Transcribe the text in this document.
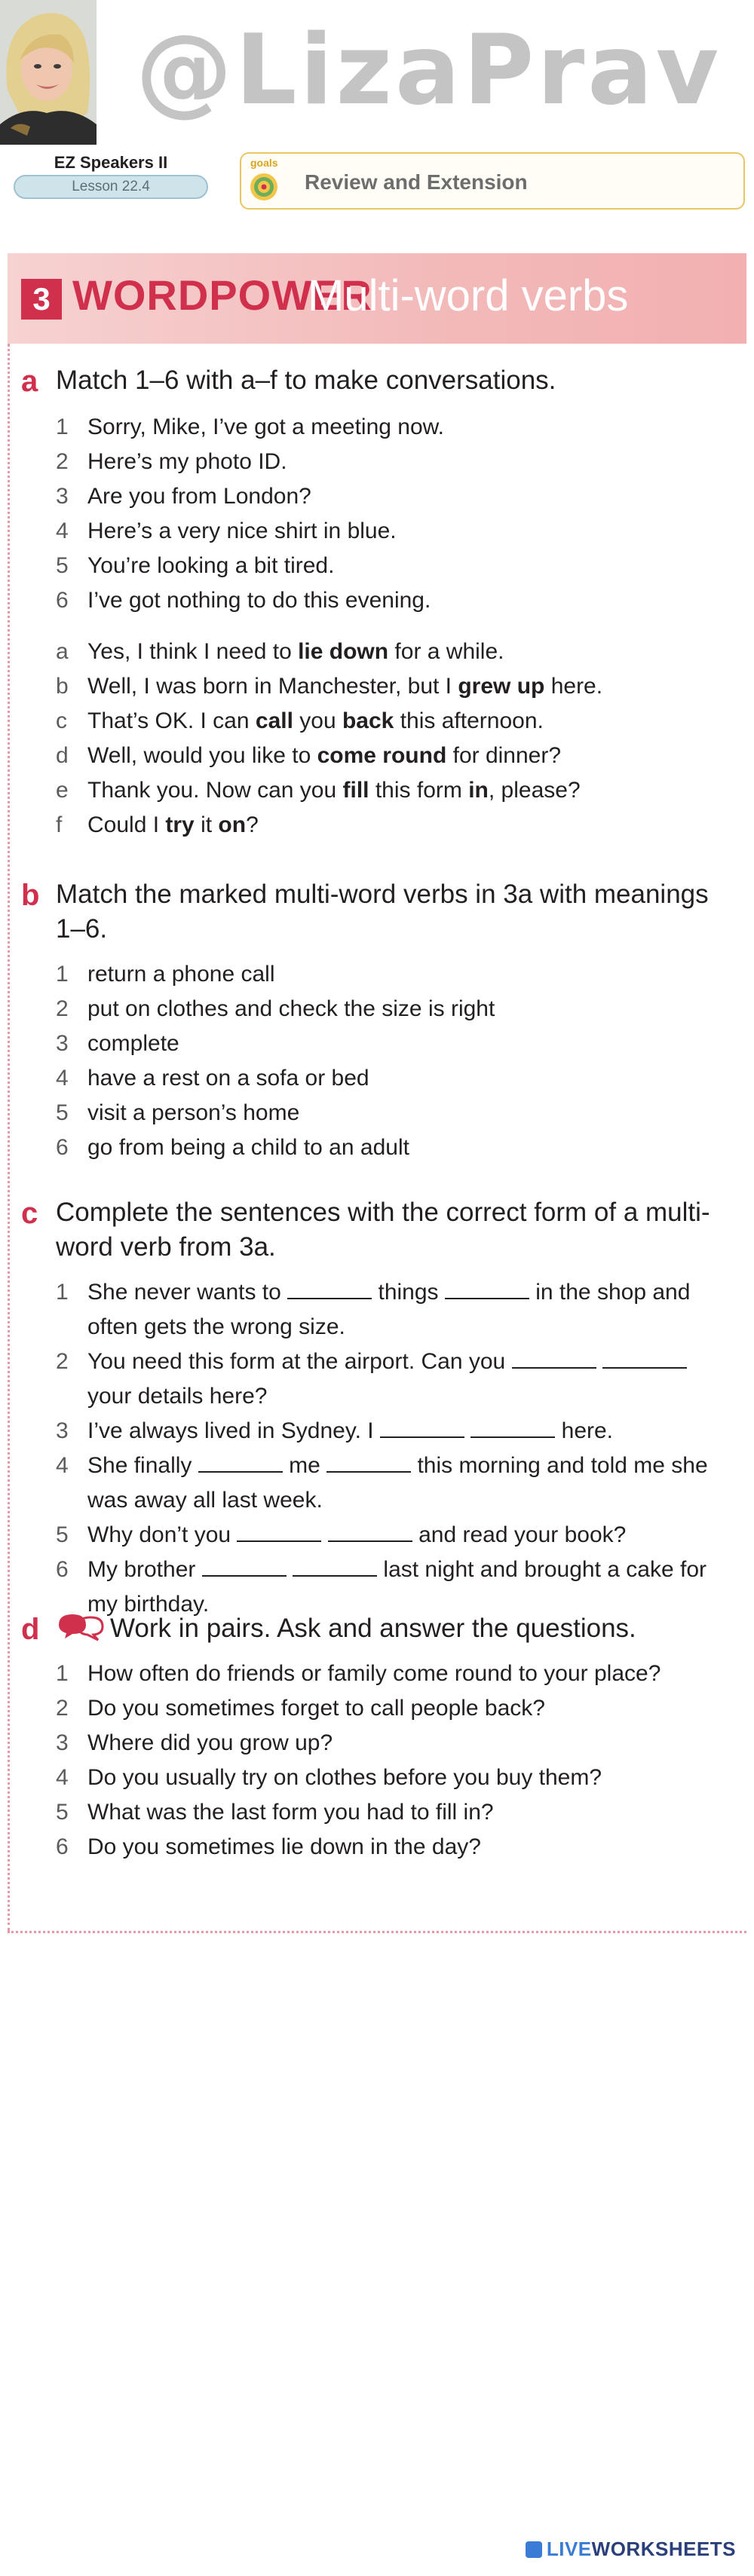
@LizaPrav
EZ Speakers II
Lesson 22.4
goals
Review and Extension
3 WORDPOWER
Multi-word verbs
a Match 1–6 with a–f to make conversations.
1 Sorry, Mike, I’ve got a meeting now.
2 Here’s my photo ID.
3 Are you from London?
4 Here’s a very nice shirt in blue.
5 You’re looking a bit tired.
6 I’ve got nothing to do this evening.
a Yes, I think I need to lie down for a while.
b Well, I was born in Manchester, but I grew up here.
c That’s OK. I can call you back this afternoon.
d Well, would you like to come round for dinner?
e Thank you. Now can you fill this form in, please?
f Could I try it on?
b Match the marked multi-word verbs in 3a with meanings 1–6.
1 return a phone call
2 put on clothes and check the size is right
3 complete
4 have a rest on a sofa or bed
5 visit a person’s home
6 go from being a child to an adult
c Complete the sentences with the correct form of a multi-word verb from 3a.
1 She never wants to	things	in the shop and often gets the wrong size.
2 You need this form at the airport. Can you   your details here?
3 I’ve always lived in Sydney. I	here.
4 She finally	me	this morning and told me she was away all last week.
5 Why don’t you	and read your book?
6 My brother	last night and brought a cake for my birthday.
d	Work in pairs. Ask and answer the questions.
1 How often do friends or family come round to your place?
2 Do you sometimes forget to call people back?
3 Where did you grow up?
4 Do you usually try on clothes before you buy them?
5 What was the last form you had to fill in?
6 Do you sometimes lie down in the day?
LIVEWORKSHEETS
